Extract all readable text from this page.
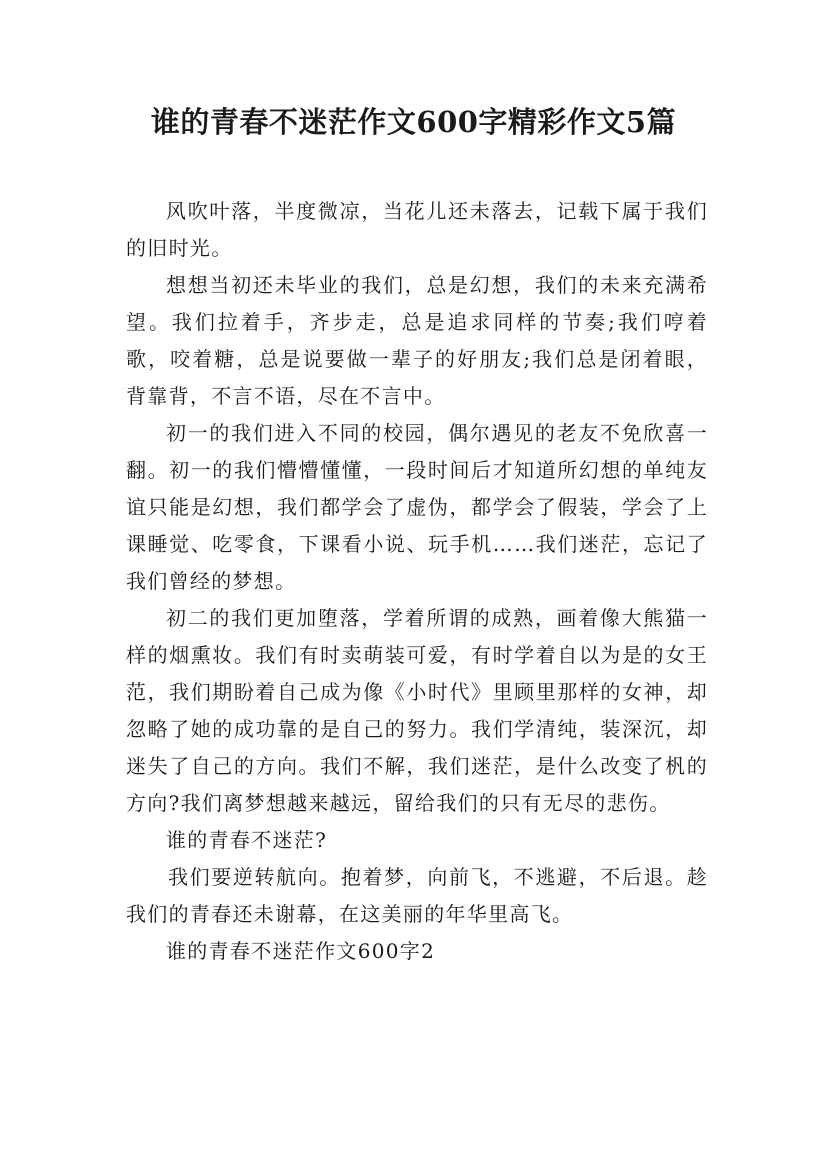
谁的青春不迷茫作文600字精彩作文5篇

风吹叶落，半度微凉，当花儿还未落去，记载下属于我们的旧时光。

想想当初还未毕业的我们，总是幻想，我们的未来充满希望。我们拉着手，齐步走，总是追求同样的节奏;我们哼着歌，咬着糖，总是说要做一辈子的好朋友;我们总是闭着眼，背靠背，不言不语，尽在不言中。

初一的我们进入不同的校园，偶尔遇见的老友不免欣喜一翻。初一的我们懵懵懂懂，一段时间后才知道所幻想的单纯友谊只能是幻想，我们都学会了虚伪，都学会了假装，学会了上课睡觉、吃零食，下课看小说、玩手机……我们迷茫，忘记了我们曾经的梦想。

初二的我们更加堕落，学着所谓的成熟，画着像大熊猫一样的烟熏妆。我们有时卖萌装可爱，有时学着自以为是的女王范，我们期盼着自己成为像《小时代》里顾里那样的女神，却忽略了她的成功靠的是自己的努力。我们学清纯，装深沉，却迷失了自己的方向。我们不解，我们迷茫，是什么改变了杋的方向?我们离梦想越来越远，留给我们的只有无尽的悲伤。

谁的青春不迷茫?

我们要逆转航向。抱着梦，向前飞，不逃避，不后退。趁我们的青春还未谢幕，在这美丽的年华里高飞。

谁的青春不迷茫作文600字2
